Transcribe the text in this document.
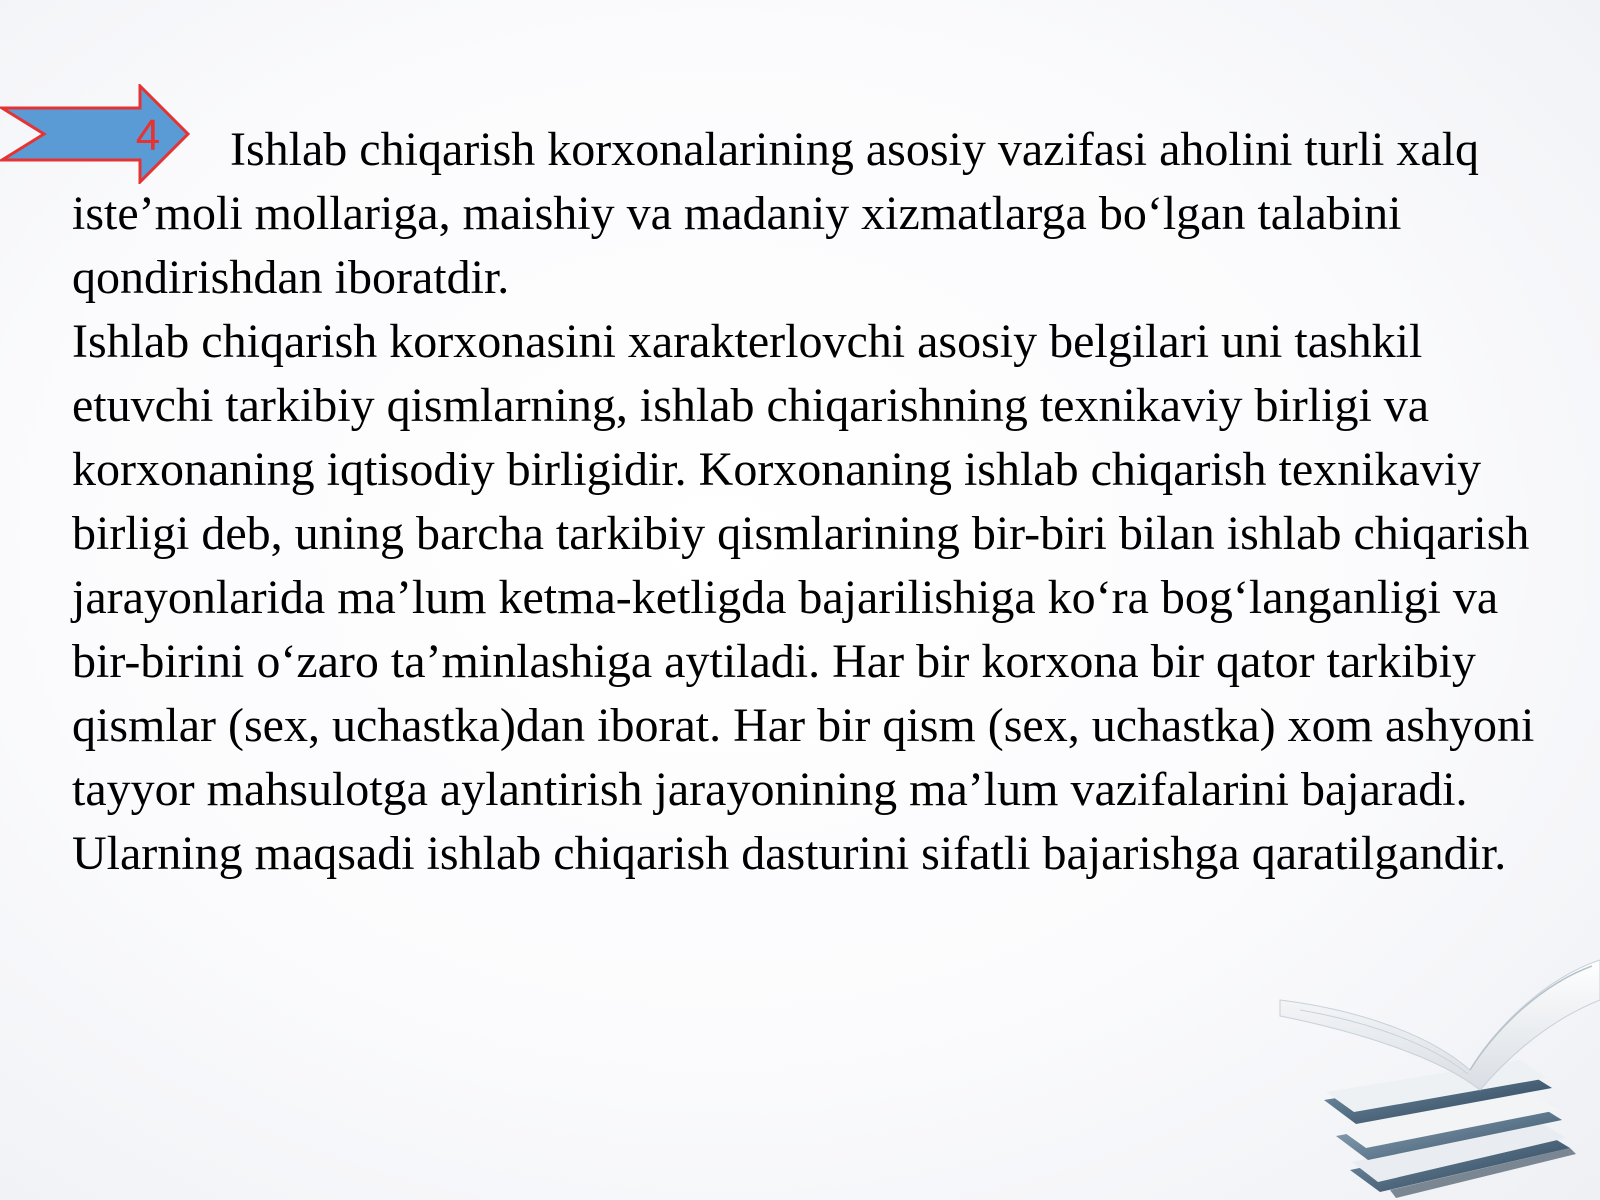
4	Ishlab chiqarish korxonalarining asosiy vazifasi aholini turli xalq iste’moli mollariga, maishiy va madaniy xizmatlarga bo‘lgan talabini qondirishdan iboratdir.

Ishlab chiqarish korxonasini xarakterlovchi asosiy belgilari uni tashkil etuvchi tarkibiy qismlarning, ishlab chiqarishning texnikaviy birligi va korxonaning iqtisodiy birligidir. Korxonaning ishlab chiqarish texnikaviy birligi deb, uning barcha tarkibiy qismlarining bir-biri bilan ishlab chiqarish jarayonlarida ma’lum ketma-ketligda bajarilishiga ko‘ra bog‘langanligi va bir-birini o‘zaro ta’minlashiga aytiladi. Har bir korxona bir qator tarkibiy qismlar (sex, uchastka)dan iborat. Har bir qism (sex, uchastka) xom ashyoni tayyor mahsulotga aylantirish jarayonining ma’lum vazifalarini bajaradi. Ularning maqsadi ishlab chiqarish dasturini sifatli bajarishga qaratilgandir.
